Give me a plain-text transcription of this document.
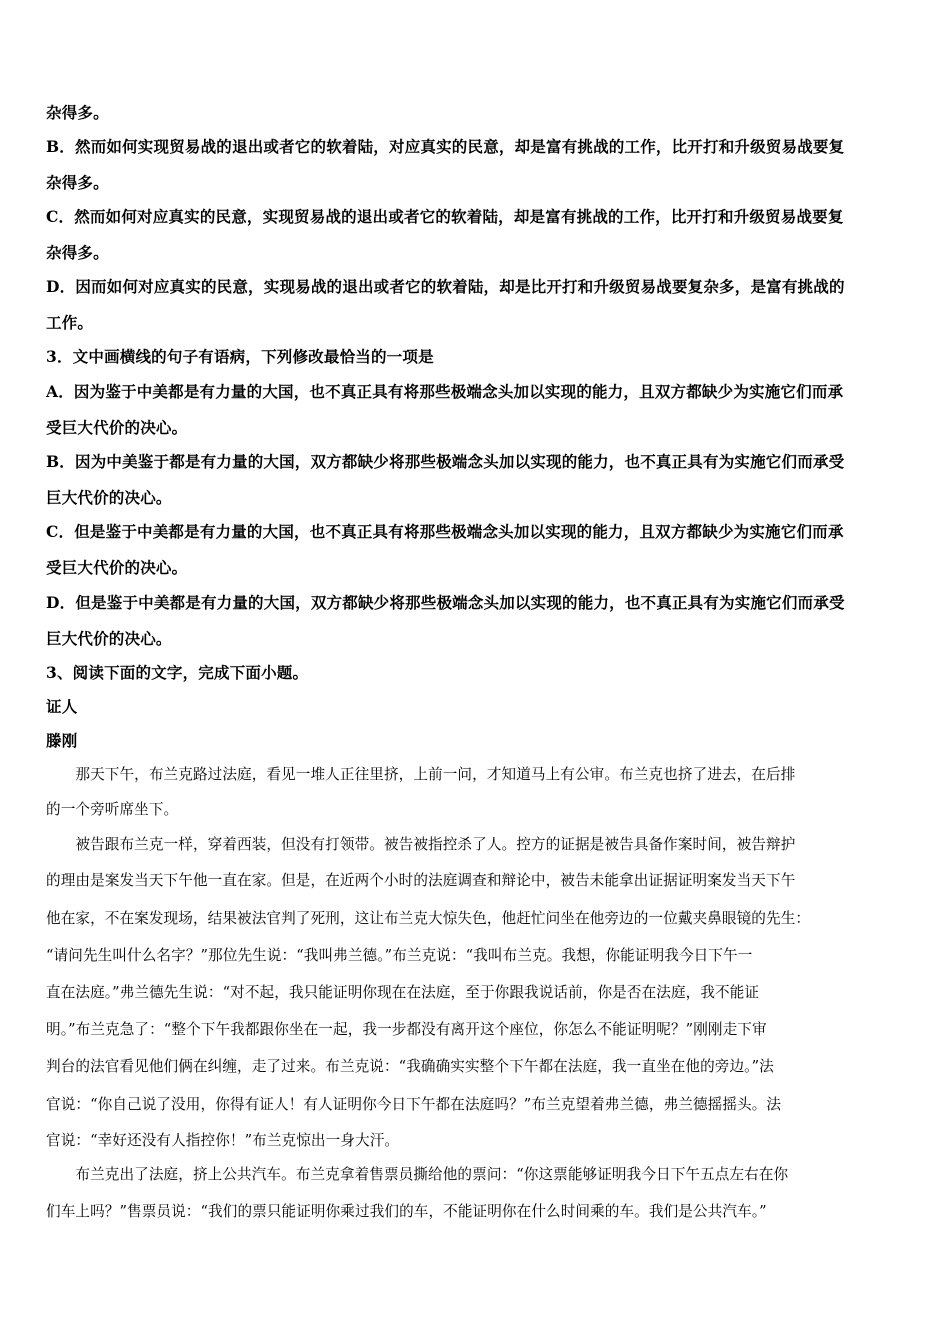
杂得多。
B．然而如何实现贸易战的退出或者它的软着陆，对应真实的民意，却是富有挑战的工作，比开打和升级贸易战要复
杂得多。
C．然而如何对应真实的民意，实现贸易战的退出或者它的软着陆，却是富有挑战的工作，比开打和升级贸易战要复
杂得多。
D．因而如何对应真实的民意，实现易战的退出或者它的软着陆，却是比开打和升级贸易战要复杂多，是富有挑战的
工作。
3．文中画横线的句子有语病，下列修改最恰当的一项是
A．因为鉴于中美都是有力量的大国，也不真正具有将那些极端念头加以实现的能力，且双方都缺少为实施它们而承
受巨大代价的决心。
B．因为中美鉴于都是有力量的大国，双方都缺少将那些极端念头加以实现的能力，也不真正具有为实施它们而承受
巨大代价的决心。
C．但是鉴于中美都是有力量的大国，也不真正具有将那些极端念头加以实现的能力，且双方都缺少为实施它们而承
受巨大代价的决心。
D．但是鉴于中美都是有力量的大国，双方都缺少将那些极端念头加以实现的能力，也不真正具有为实施它们而承受
巨大代价的决心。
3、阅读下面的文字，完成下面小题。
证人
滕刚
　　那天下午，布兰克路过法庭，看见一堆人正往里挤，上前一问，才知道马上有公审。布兰克也挤了进去，在后排
的一个旁听席坐下。
　　被告跟布兰克一样，穿着西装，但没有打领带。被告被指控杀了人。控方的证据是被告具备作案时间，被告辩护
的理由是案发当天下午他一直在家。但是，在近两个小时的法庭调查和辩论中，被告未能拿出证据证明案发当天下午
他在家，不在案发现场，结果被法官判了死刑，这让布兰克大惊失色，他赶忙问坐在他旁边的一位戴夹鼻眼镜的先生：
“请问先生叫什么名字？”那位先生说：“我叫弗兰德。”布兰克说：“我叫布兰克。我想，你能证明我今日下午一
直在法庭。”弗兰德先生说：“对不起，我只能证明你现在在法庭，至于你跟我说话前，你是否在法庭，我不能证
明。”布兰克急了：“整个下午我都跟你坐在一起，我一步都没有离开这个座位，你怎么不能证明呢？”刚刚走下审
判台的法官看见他们俩在纠缠，走了过来。布兰克说：“我确确实实整个下午都在法庭，我一直坐在他的旁边。”法
官说：“你自己说了没用，你得有证人！有人证明你今日下午都在法庭吗？”布兰克望着弗兰德，弗兰德摇摇头。法
官说：“幸好还没有人指控你！”布兰克惊出一身大汗。
　　布兰克出了法庭，挤上公共汽车。布兰克拿着售票员撕给他的票问：“你这票能够证明我今日下午五点左右在你
们车上吗？”售票员说：“我们的票只能证明你乘过我们的车，不能证明你在什么时间乘的车。我们是公共汽车。”
